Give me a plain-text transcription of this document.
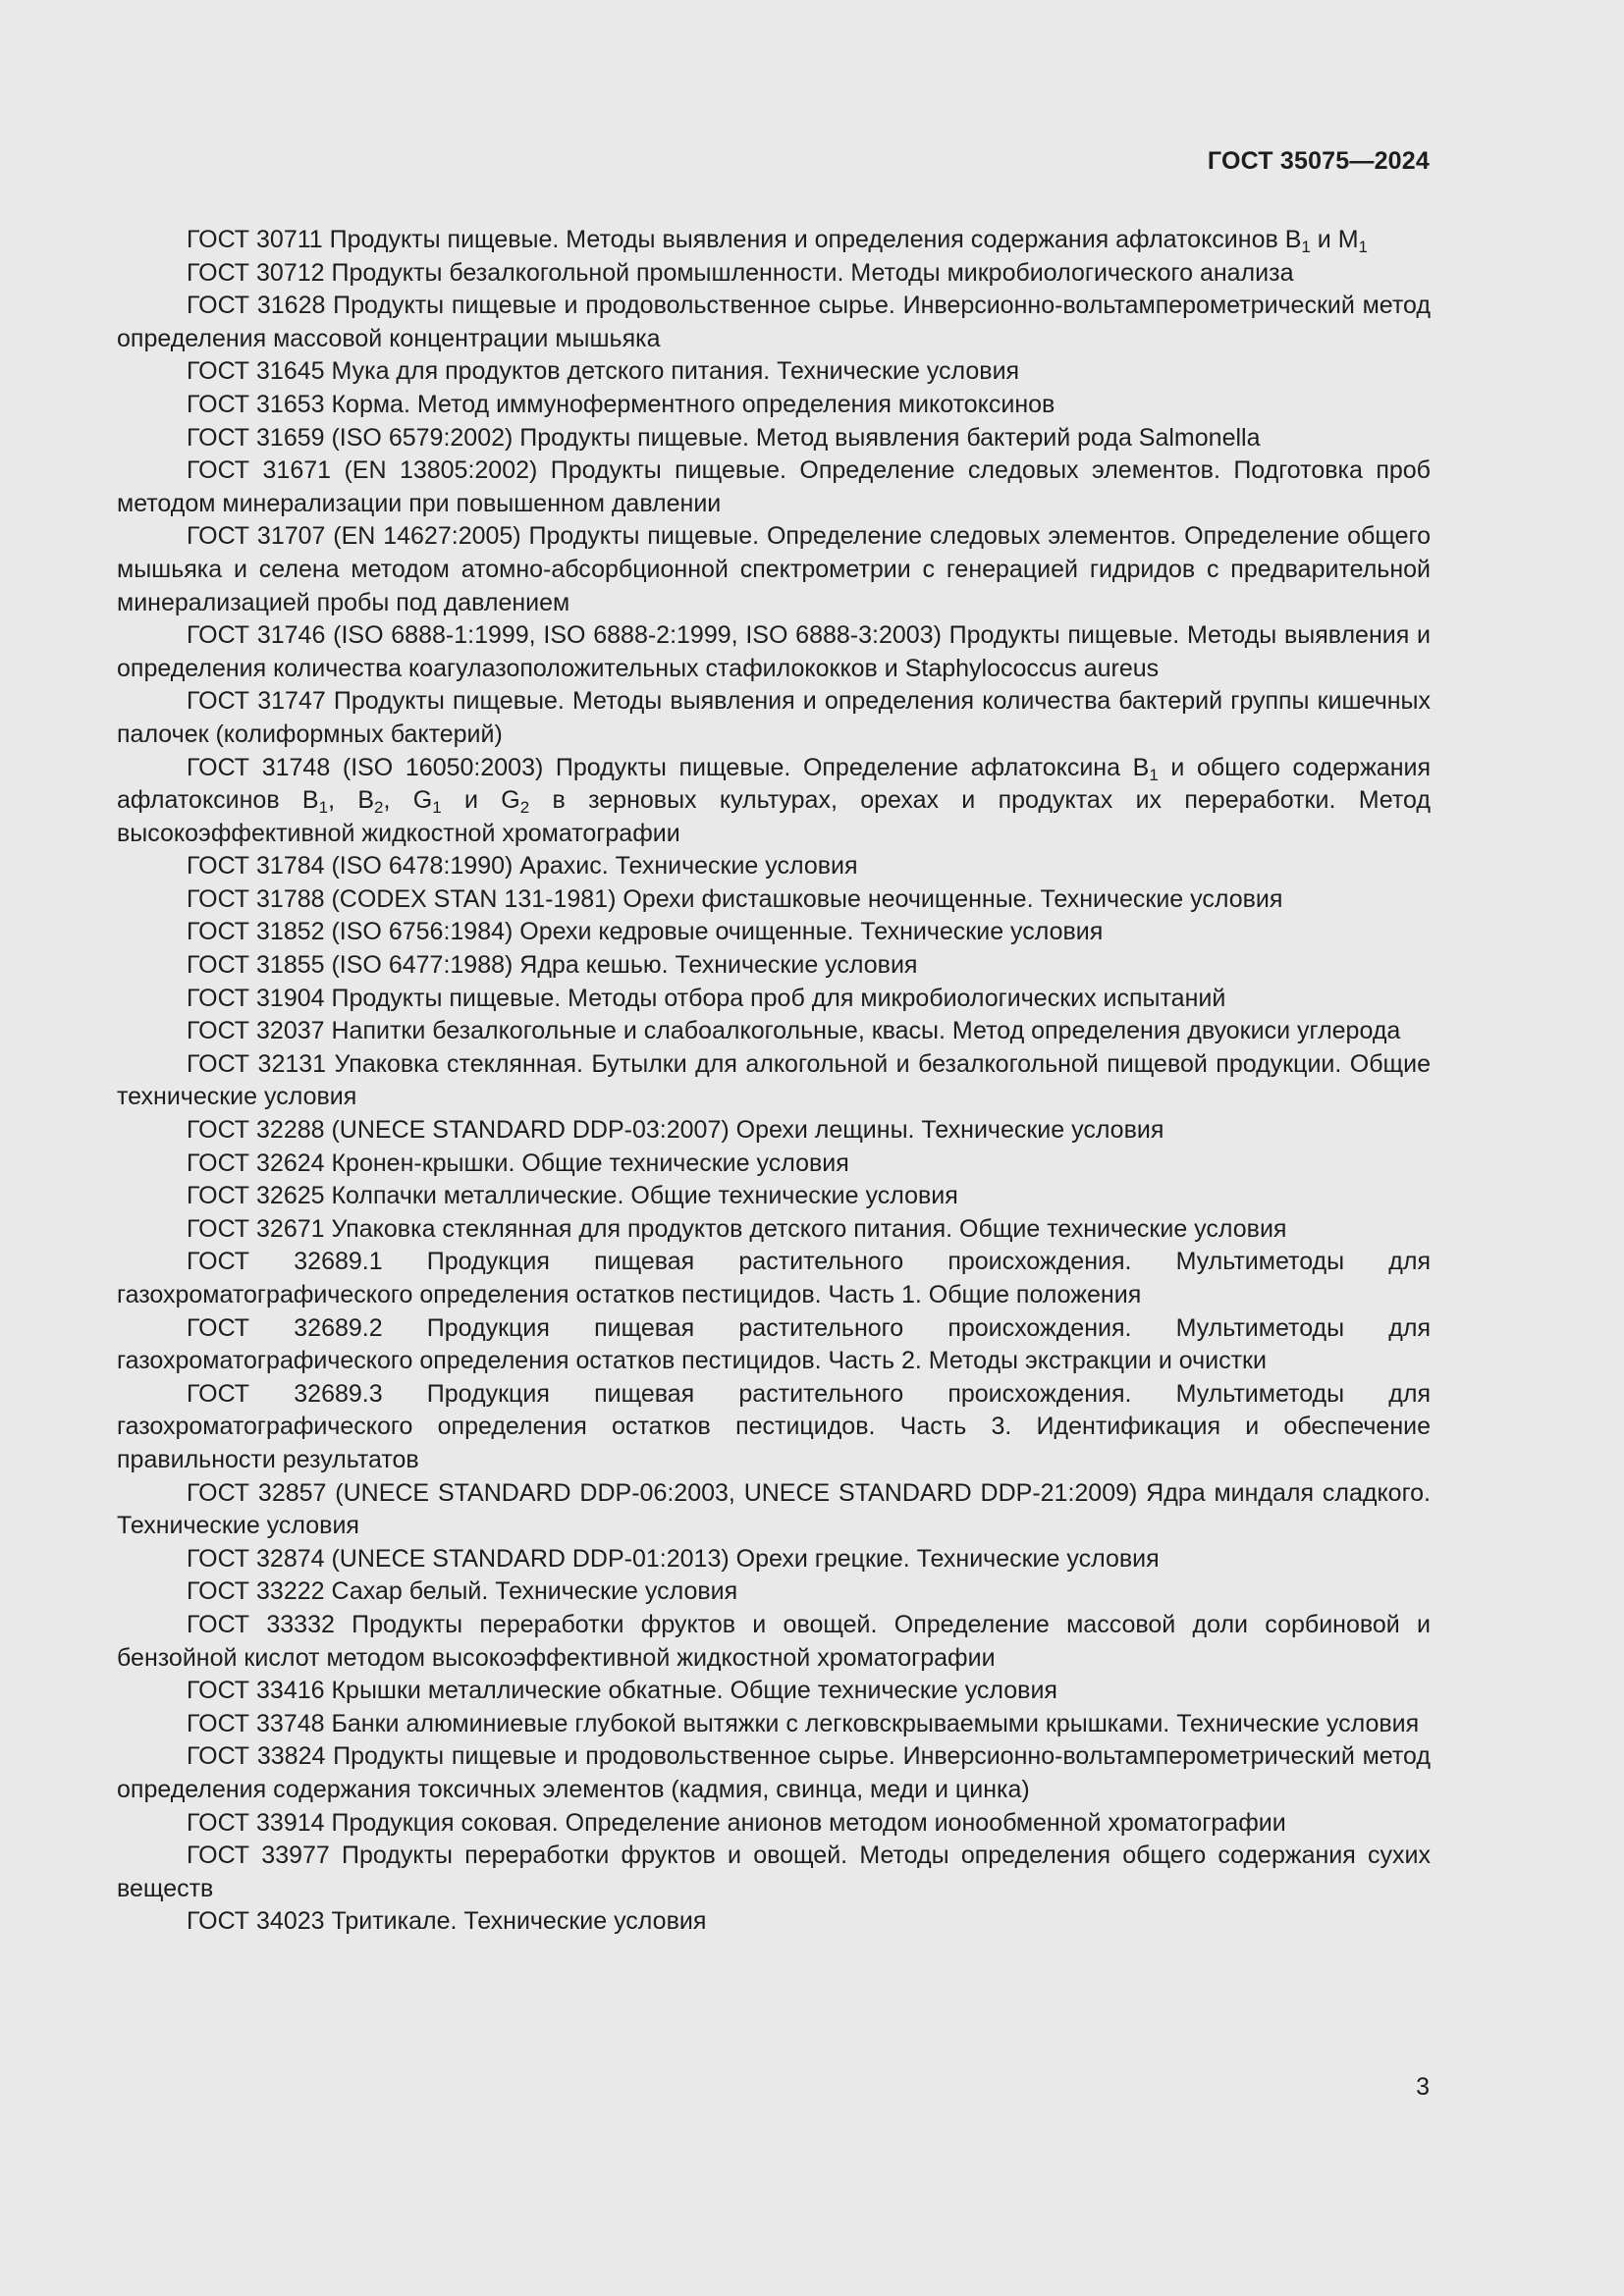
ГОСТ 35075—2024

ГОСТ 30711 Продукты пищевые. Методы выявления и определения содержания афлатоксинов $B_1$ и $M_1$

ГОСТ 30712 Продукты безалкогольной промышленности. Методы микробиологического анализа

ГОСТ 31628 Продукты пищевые и продовольственное сырье. Инверсионно-вольтамперометрический метод определения массовой концентрации мышьяка

ГОСТ 31645 Мука для продуктов детского питания. Технические условия

ГОСТ 31653 Корма. Метод иммуноферментного определения микотоксинов

ГОСТ 31659 (ISO 6579:2002) Продукты пищевые. Метод выявления бактерий рода Salmonella

ГОСТ 31671 (EN 13805:2002) Продукты пищевые. Определение следовых элементов. Подготовка проб методом минерализации при повышенном давлении

ГОСТ 31707 (EN 14627:2005) Продукты пищевые. Определение следовых элементов. Определение общего мышьяка и селена методом атомно-абсорбционной спектрометрии с генерацией гидридов с предварительной минерализацией пробы под давлением

ГОСТ 31746 (ISO 6888-1:1999, ISO 6888-2:1999, ISO 6888-3:2003) Продукты пищевые. Методы выявления и определения количества коагулазоположительных стафилококков и Staphylococcus aureus

ГОСТ 31747 Продукты пищевые. Методы выявления и определения количества бактерий группы кишечных палочек (колиформных бактерий)

ГОСТ 31748 (ISO 16050:2003) Продукты пищевые. Определение афлатоксина $B_1$ и общего содержания афлатоксинов $B_1$, $B_2$, $G_1$ и $G_2$ в зерновых культурах, орехах и продуктах их переработки. Метод высокоэффективной жидкостной хроматографии

ГОСТ 31784 (ISO 6478:1990) Арахис. Технические условия

ГОСТ 31788 (CODEX STAN 131-1981) Орехи фисташковые неочищенные. Технические условия

ГОСТ 31852 (ISO 6756:1984) Орехи кедровые очищенные. Технические условия

ГОСТ 31855 (ISO 6477:1988) Ядра кешью. Технические условия

ГОСТ 31904 Продукты пищевые. Методы отбора проб для микробиологических испытаний

ГОСТ 32037 Напитки безалкогольные и слабоалкогольные, квасы. Метод определения двуокиси углерода

ГОСТ 32131 Упаковка стеклянная. Бутылки для алкогольной и безалкогольной пищевой продукции. Общие технические условия

ГОСТ 32288 (UNECE STANDARD DDP-03:2007) Орехи лещины. Технические условия

ГОСТ 32624 Кронен-крышки. Общие технические условия

ГОСТ 32625 Колпачки металлические. Общие технические условия

ГОСТ 32671 Упаковка стеклянная для продуктов детского питания. Общие технические условия

ГОСТ 32689.1 Продукция пищевая растительного происхождения. Мультиметоды для газохроматографического определения остатков пестицидов. Часть 1. Общие положения

ГОСТ 32689.2 Продукция пищевая растительного происхождения. Мультиметоды для газохроматографического определения остатков пестицидов. Часть 2. Методы экстракции и очистки

ГОСТ 32689.3 Продукция пищевая растительного происхождения. Мультиметоды для газохроматографического определения остатков пестицидов. Часть 3. Идентификация и обеспечение правильности результатов

ГОСТ 32857 (UNECE STANDARD DDP-06:2003, UNECE STANDARD DDP-21:2009) Ядра миндаля сладкого. Технические условия

ГОСТ 32874 (UNECE STANDARD DDP-01:2013) Орехи грецкие. Технические условия

ГОСТ 33222 Сахар белый. Технические условия

ГОСТ 33332 Продукты переработки фруктов и овощей. Определение массовой доли сорбиновой и бензойной кислот методом высокоэффективной жидкостной хроматографии

ГОСТ 33416 Крышки металлические обкатные. Общие технические условия

ГОСТ 33748 Банки алюминиевые глубокой вытяжки с легковскрываемыми крышками. Технические условия

ГОСТ 33824 Продукты пищевые и продовольственное сырье. Инверсионно-вольтамперометрический метод определения содержания токсичных элементов (кадмия, свинца, меди и цинка)

ГОСТ 33914 Продукция соковая. Определение анионов методом ионообменной хроматографии

ГОСТ 33977 Продукты переработки фруктов и овощей. Методы определения общего содержания сухих веществ

ГОСТ 34023 Тритикале. Технические условия

3
